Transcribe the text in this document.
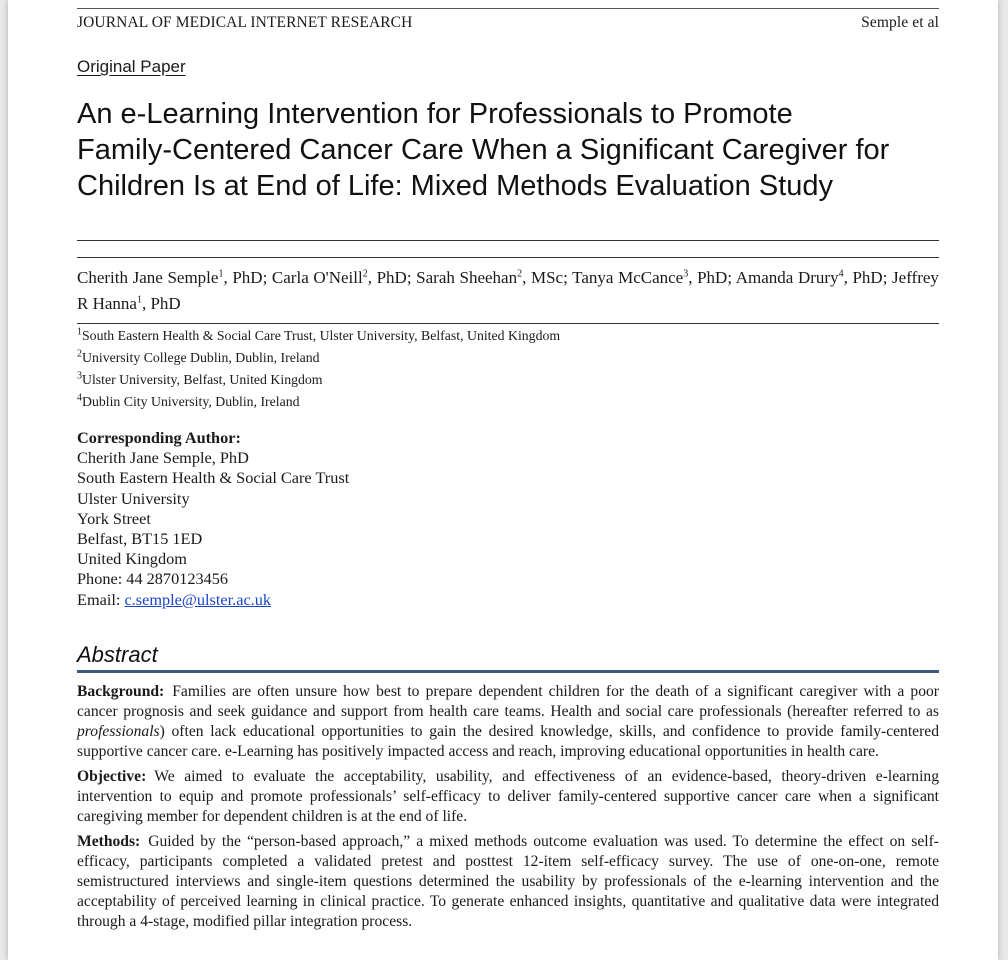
JOURNAL OF MEDICAL INTERNET RESEARCH	Semple et al
Original Paper
An e-Learning Intervention for Professionals to Promote
Family-Centered Cancer Care When a Significant Caregiver for
Children Is at End of Life: Mixed Methods Evaluation Study
Cherith Jane Semple$^1$, PhD; Carla O'Neill$^2$, PhD; Sarah Sheehan$^2$, MSc; Tanya McCance$^3$, PhD; Amanda Drury$^4$, PhD; Jeffrey R Hanna$^1$, PhD
$^1$South Eastern Health & Social Care Trust, Ulster University, Belfast, United Kingdom
$^2$University College Dublin, Dublin, Ireland
$^3$Ulster University, Belfast, United Kingdom
$^4$Dublin City University, Dublin, Ireland
Corresponding Author:
Cherith Jane Semple, PhD
South Eastern Health & Social Care Trust
Ulster University
York Street
Belfast, BT15 1ED
United Kingdom
Phone: 44 2870123456
Email: c.semple@ulster.ac.uk
Abstract

Background: Families are often unsure how best to prepare dependent children for the death of a significant caregiver with a poor cancer prognosis and seek guidance and support from health care teams. Health and social care professionals (hereafter referred to as professionals) often lack educational opportunities to gain the desired knowledge, skills, and confidence to provide family-centered supportive cancer care. e-Learning has positively impacted access and reach, improving educational opportunities in health care.

Objective: We aimed to evaluate the acceptability, usability, and effectiveness of an evidence-based, theory-driven e-learning intervention to equip and promote professionals’ self-efficacy to deliver family-centered supportive cancer care when a significant caregiving member for dependent children is at the end of life.

Methods: Guided by the “person-based approach,” a mixed methods outcome evaluation was used. To determine the effect on self-efficacy, participants completed a validated pretest and posttest 12-item self-efficacy survey. The use of one-on-one, remote semistructured interviews and single-item questions determined the usability by professionals of the e-learning intervention and the acceptability of perceived learning in clinical practice. To generate enhanced insights, quantitative and qualitative data were integrated through a 4-stage, modified pillar integration process.
